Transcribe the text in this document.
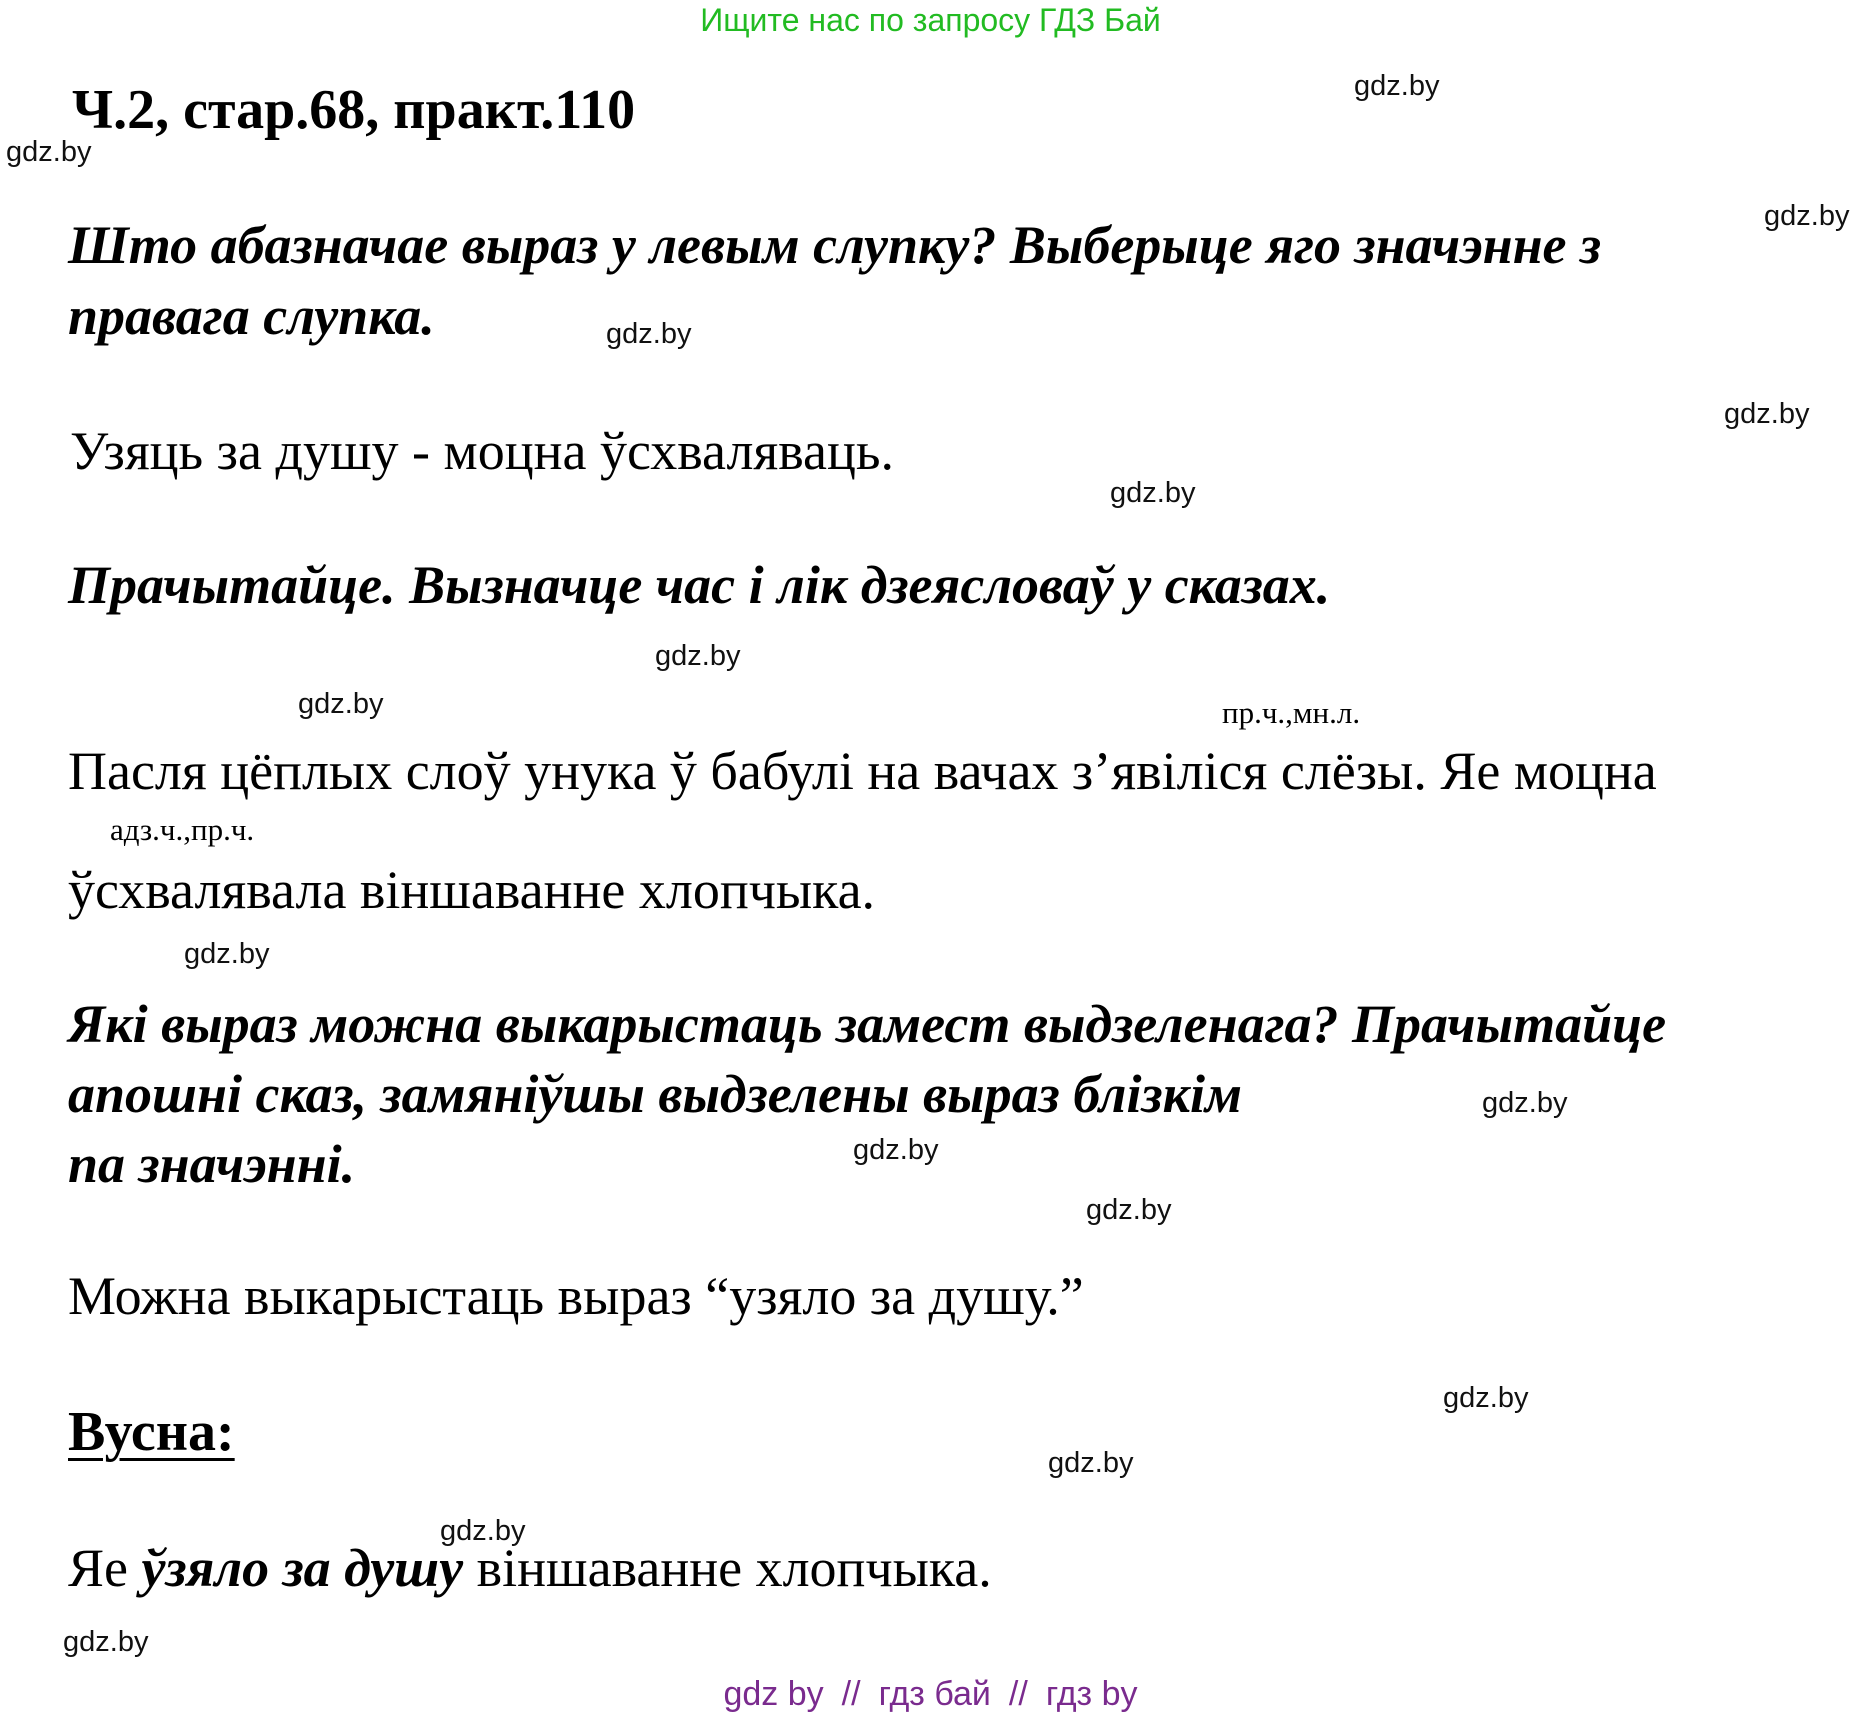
Ищите нас по запросу ГДЗ Бай
Ч.2, стар.68, практ.110
Што абазначае выраз у левым слупку? Выберыце яго значэнне з
правага слупка.
Узяць за душу - моцна ўсхваляваць.
Прачытайце. Вызначце час і лік дзеясловаў у сказах.
пр.ч.,мн.л.
Пасля цёплых слоў унука ў бабулі на вачах з’явіліся слёзы. Яе моцна
адз.ч.,пр.ч.
ўсхвалявала віншаванне хлопчыка.
Які выраз можна выкарыстаць замест выдзеленага? Прачытайце
апошні сказ, замяніўшы выдзелены выраз блізкім
па значэнні.
Можна выкарыстаць выраз “узяло за душу.”
Вусна:
Яе ўзяло за душу віншаванне хлопчыка.
gdz.by
gdz.by
gdz.by
gdz.by
gdz.by
gdz.by
gdz.by
gdz.by
gdz.by
gdz.by
gdz.by
gdz.by
gdz.by
gdz.by
gdz.by
gdz.by
gdz by // гдз бай // гдз by
